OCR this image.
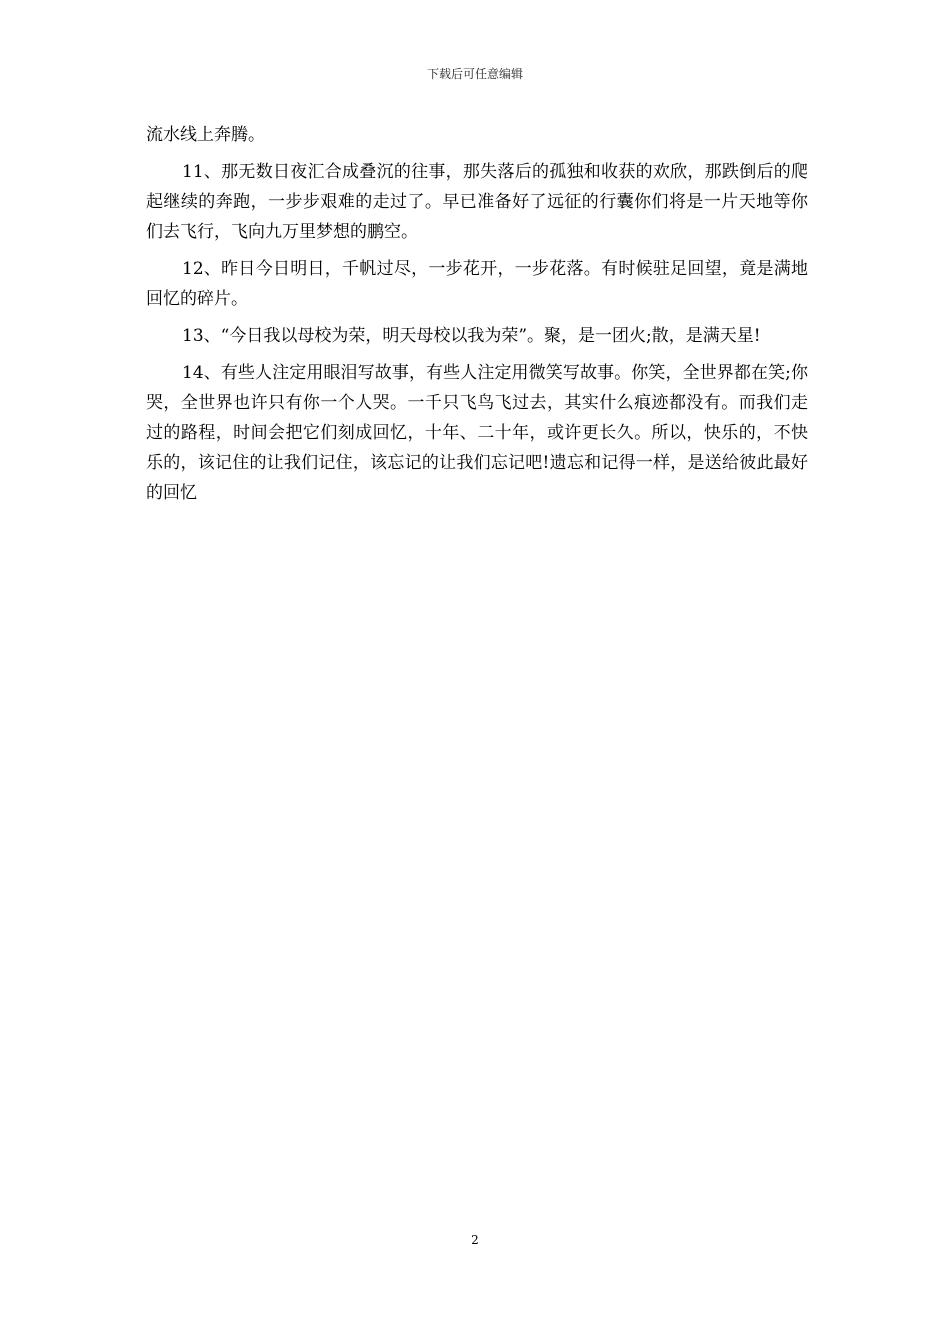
下载后可任意编辑

流水线上奔腾。

11、那无数日夜汇合成叠沉的往事，那失落后的孤独和收获的欢欣，那跌倒后的爬起继续的奔跑，一步步艰难的走过了。早已准备好了远征的行囊你们将是一片天地等你们去飞行，飞向九万里梦想的鹏空。

12、昨日今日明日，千帆过尽，一步花开，一步花落。有时候驻足回望，竟是满地回忆的碎片。

13、“今日我以母校为荣，明天母校以我为荣”。聚，是一团火;散，是满天星!

14、有些人注定用眼泪写故事，有些人注定用微笑写故事。你笑，全世界都在笑;你哭，全世界也许只有你一个人哭。一千只飞鸟飞过去，其实什么痕迹都没有。而我们走过的路程，时间会把它们刻成回忆，十年、二十年，或许更长久。所以，快乐的，不快乐的，该记住的让我们记住，该忘记的让我们忘记吧!遗忘和记得一样，是送给彼此最好的回忆

2
